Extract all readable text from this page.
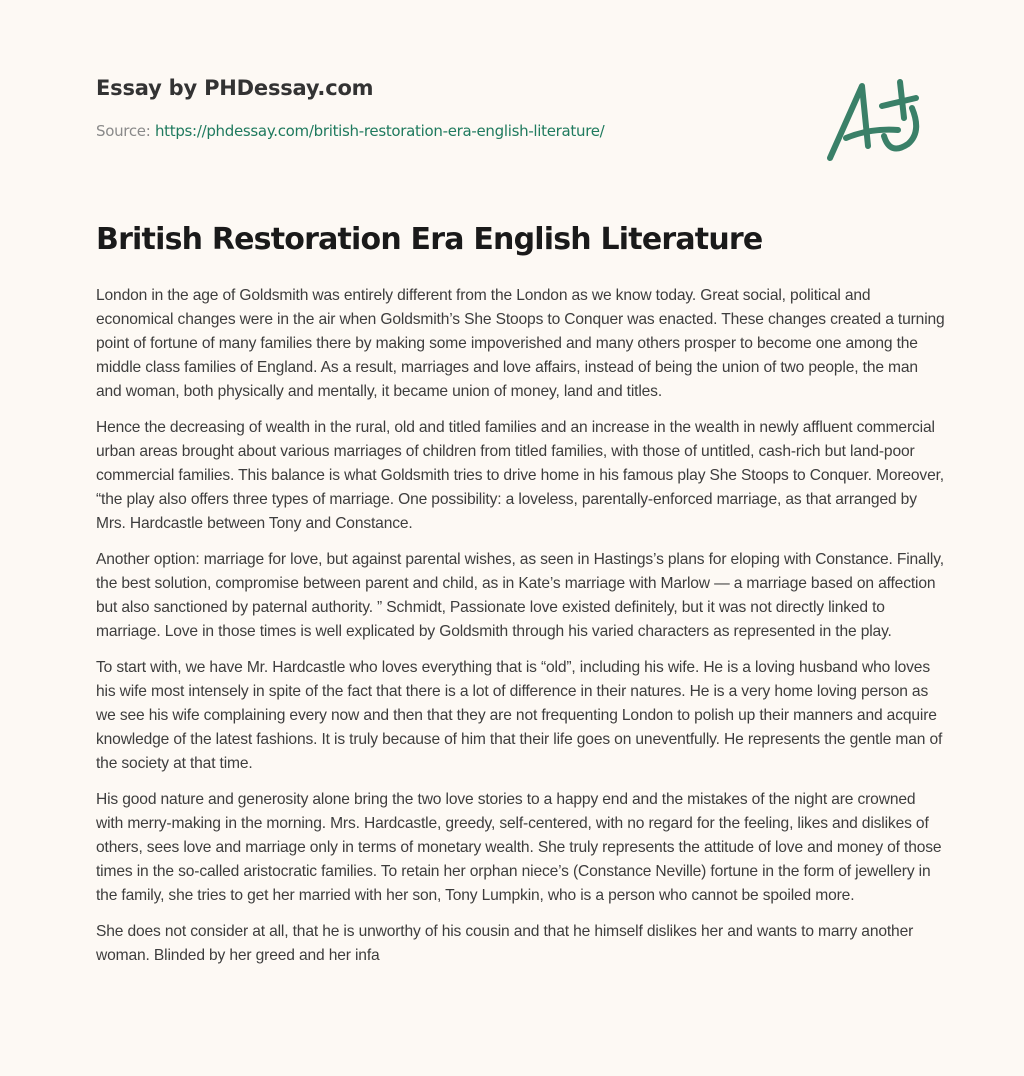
Essay by PHDessay.com
Source: https://phdessay.com/british-restoration-era-english-literature/
British Restoration Era English Literature

London in the age of Goldsmith was entirely different from the London as we know today. Great social, political and economical changes were in the air when Goldsmith’s She Stoops to Conquer was enacted. These changes created a turning point of fortune of many families there by making some impoverished and many others prosper to become one among the middle class families of England. As a result, marriages and love affairs, instead of being the union of two people, the man and woman, both physically and mentally, it became union of money, land and titles.

Hence the decreasing of wealth in the rural, old and titled families and an increase in the wealth in newly affluent commercial urban areas brought about various marriages of children from titled families, with those of untitled, cash-rich but land-poor commercial families. This balance is what Goldsmith tries to drive home in his famous play She Stoops to Conquer. Moreover, “the play also offers three types of marriage. One possibility: a loveless, parentally-enforced marriage, as that arranged by Mrs. Hardcastle between Tony and Constance.

Another option: marriage for love, but against parental wishes, as seen in Hastings’s plans for eloping with Constance. Finally, the best solution, compromise between parent and child, as in Kate’s marriage with Marlow — a marriage based on affection but also sanctioned by paternal authority. ” Schmidt, Passionate love existed definitely, but it was not directly linked to marriage. Love in those times is well explicated by Goldsmith through his varied characters as represented in the play.

To start with, we have Mr. Hardcastle who loves everything that is “old”, including his wife. He is a loving husband who loves his wife most intensely in spite of the fact that there is a lot of difference in their natures. He is a very home loving person as we see his wife complaining every now and then that they are not frequenting London to polish up their manners and acquire knowledge of the latest fashions. It is truly because of him that their life goes on uneventfully. He represents the gentle man of the society at that time.

His good nature and generosity alone bring the two love stories to a happy end and the mistakes of the night are crowned with merry-making in the morning. Mrs. Hardcastle, greedy, self-centered, with no regard for the feeling, likes and dislikes of others, sees love and marriage only in terms of monetary wealth. She truly represents the attitude of love and money of those times in the so-called aristocratic families. To retain her orphan niece’s (Constance Neville) fortune in the form of jewellery in the family, she tries to get her married with her son, Tony Lumpkin, who is a person who cannot be spoiled more.

She does not consider at all, that he is unworthy of his cousin and that he himself dislikes her and wants to marry another woman. Blinded by her greed and her infa
